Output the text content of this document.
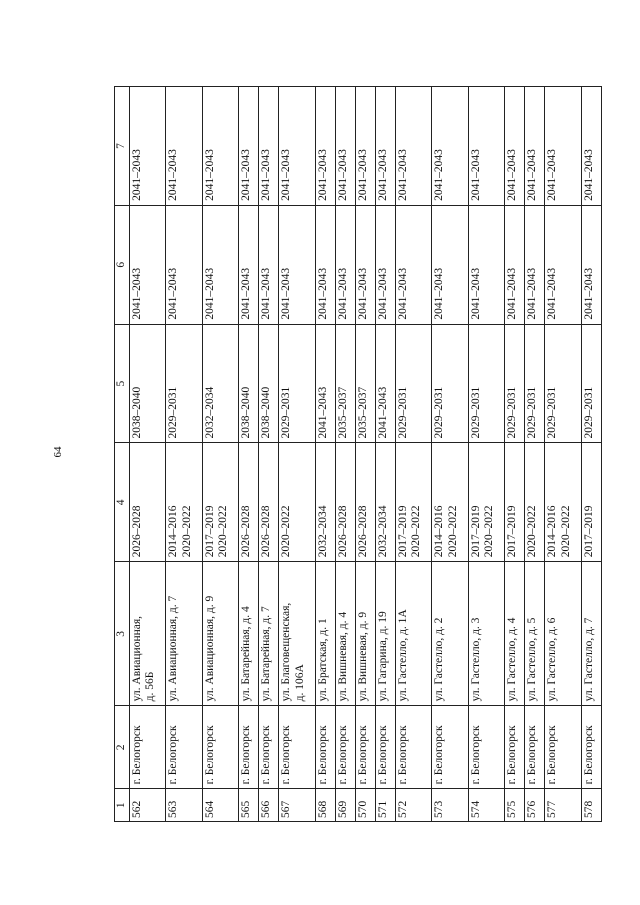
64
1	2	3	4	5	6	7
562	г. Белогорск	ул. Авиационная,
д. 56Б	2026–2028	2038–2040	2041–2043	2041–2043
563	г. Белогорск	ул. Авиационная, д. 7	2014–2016
2020–2022	2029–2031	2041–2043	2041–2043
564	г. Белогорск	ул. Авиационная, д. 9	2017–2019
2020–2022	2032–2034	2041–2043	2041–2043
565	г. Белогорск	ул. Батарейная, д. 4	2026–2028	2038–2040	2041–2043	2041–2043
566	г. Белогорск	ул. Батарейная, д. 7	2026–2028	2038–2040	2041–2043	2041–2043
567	г. Белогорск	ул. Благовещенская,
д. 106А	2020–2022	2029–2031	2041–2043	2041–2043
568	г. Белогорск	ул. Братская, д. 1	2032–2034	2041–2043	2041–2043	2041–2043
569	г. Белогорск	ул. Вишневая, д. 4	2026–2028	2035–2037	2041–2043	2041–2043
570	г. Белогорск	ул. Вишневая, д. 9	2026–2028	2035–2037	2041–2043	2041–2043
571	г. Белогорск	ул. Гагарина, д. 19	2032–2034	2041–2043	2041–2043	2041–2043
572	г. Белогорск	ул. Гастелло, д. 1А	2017–2019
2020–2022	2029–2031	2041–2043	2041–2043
573	г. Белогорск	ул. Гастелло, д. 2	2014–2016
2020–2022	2029–2031	2041–2043	2041–2043
574	г. Белогорск	ул. Гастелло, д. 3	2017–2019
2020–2022	2029–2031	2041–2043	2041–2043
575	г. Белогорск	ул. Гастелло, д. 4	2017–2019	2029–2031	2041–2043	2041–2043
576	г. Белогорск	ул. Гастелло, д. 5	2020–2022	2029–2031	2041–2043	2041–2043
577	г. Белогорск	ул. Гастелло, д. 6	2014–2016
2020–2022	2029–2031	2041–2043	2041–2043
578	г. Белогорск	ул. Гастелло, д. 7	2017–2019	2029–2031	2041–2043	2041–2043
